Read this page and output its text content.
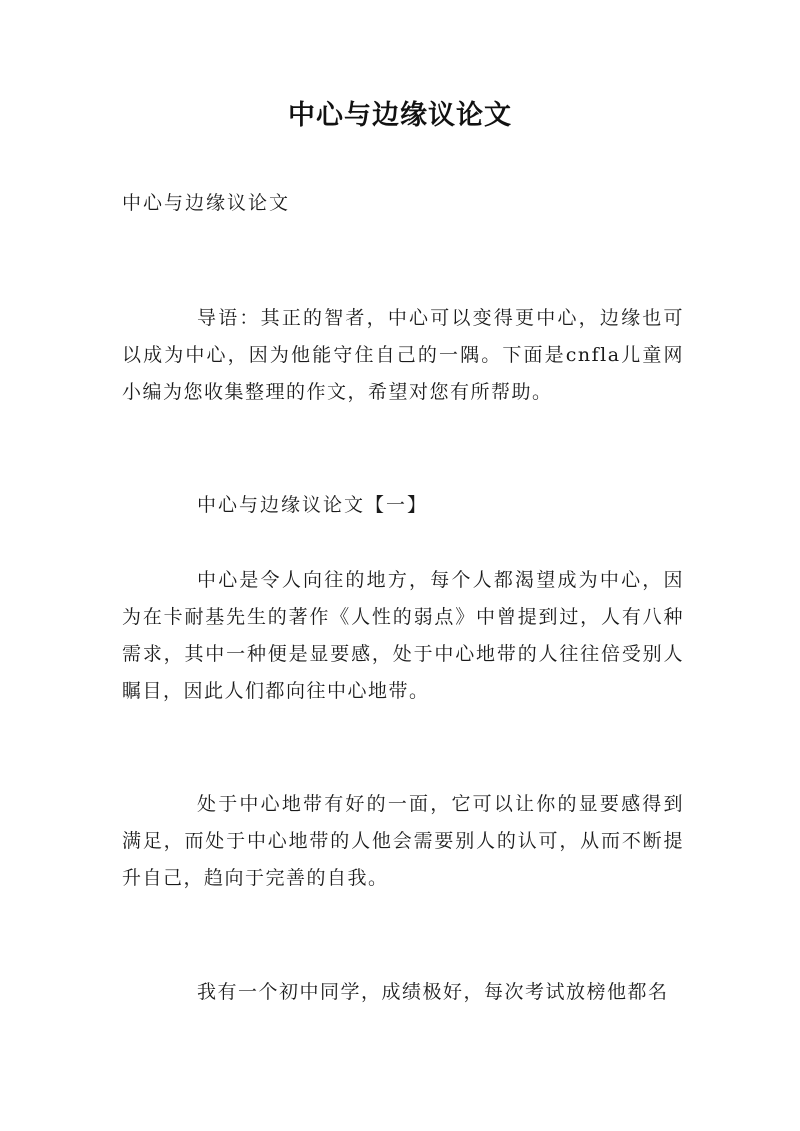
中心与边缘议论文
中心与边缘议论文

导语：其正的智者，中心可以变得更中心，边缘也可以成为中心，因为他能守住自己的一隅。下面是cnfla儿童网小编为您收集整理的作文，希望对您有所帮助。

中心与边缘议论文【一】

中心是令人向往的地方，每个人都渴望成为中心，因为在卡耐基先生的著作《人性的弱点》中曾提到过，人有八种需求，其中一种便是显要感，处于中心地带的人往往倍受别人瞩目，因此人们都向往中心地带。

处于中心地带有好的一面，它可以让你的显要感得到满足，而处于中心地带的人他会需要别人的认可，从而不断提升自己，趋向于完善的自我。

我有一个初中同学，成绩极好，每次考试放榜他都名
